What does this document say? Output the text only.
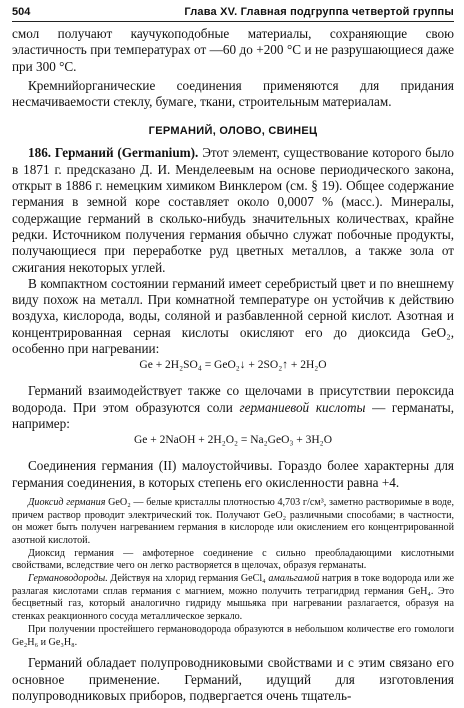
504	Глава XV. Главная подгруппа четвертой группы

смол получают каучукоподобные материалы, сохраняющие свою эластичность при температурах от —60 до +200 °С и не разрушающиеся даже при 300 °С.

Кремнийорганические соединения применяются для придания несмачиваемости стеклу, бумаге, ткани, строительным материалам.

ГЕРМАНИЙ, ОЛОВО, СВИНЕЦ

186. Германий (Germanium). Этот элемент, существование которого было в 1871 г. предсказано Д. И. Менделеевым на основе периодического закона, открыт в 1886 г. немецким химиком Винклером (см. § 19). Общее содержание германия в земной коре составляет около 0,0007 % (масс.). Минералы, содержащие германий в сколько-нибудь значительных количествах, крайне редки. Источником получения германия обычно служат побочные продукты, получающиеся при переработке руд цветных металлов, а также зола от сжигания некоторых углей.

В компактном состоянии германий имеет серебристый цвет и по внешнему виду похож на металл. При комнатной температуре он устойчив к действию воздуха, кислорода, воды, соляной и разбавленной серной кислот. Азотная и концентрированная серная кислоты окисляют его до диоксида GeO₂, особенно при нагревании:

Ge + 2H₂SO₄ = GeO₂↓ + 2SO₂↑ + 2H₂O

Германий взаимодействует также со щелочами в присутствии пероксида водорода. При этом образуются соли германиевой кислоты — германаты, например:

Ge + 2NaOH + 2H₂O₂ = Na₂GeO₃ + 3H₂O

Соединения германия (II) малоустойчивы. Гораздо более характерны для германия соединения, в которых степень его окисленности равна +4.

Диоксид германия GeO₂ — белые кристаллы плотностью 4,703 г/см³, заметно растворимые в воде, причем раствор проводит электрический ток. Получают GeO₂ различными способами; в частности, он может быть получен нагреванием германия в кислороде или окислением его концентрированной азотной кислотой.

Диоксид германия — амфотерное соединение с сильно преобладающими кислотными свойствами, вследствие чего он легко растворяется в щелочах, образуя германаты.

Германоводороды. Действуя на хлорид германия GeCl₄ амальгамой натрия в токе водорода или же разлагая кислотами сплав германия с магнием, можно получить тетрагидрид германия GeH₄. Это бесцветный газ, который аналогично гидриду мышьяка при нагревании разлагается, образуя на стенках реакционного сосуда металлическое зеркало.

При получении простейшего германоводорода образуются в небольшом количестве его гомологи Ge₂H₆ и Ge₃H₈.

Германий обладает полупроводниковыми свойствами и с этим связано его основное применение. Германий, идущий для изготовления полупроводниковых приборов, подвергается очень тщатель-
